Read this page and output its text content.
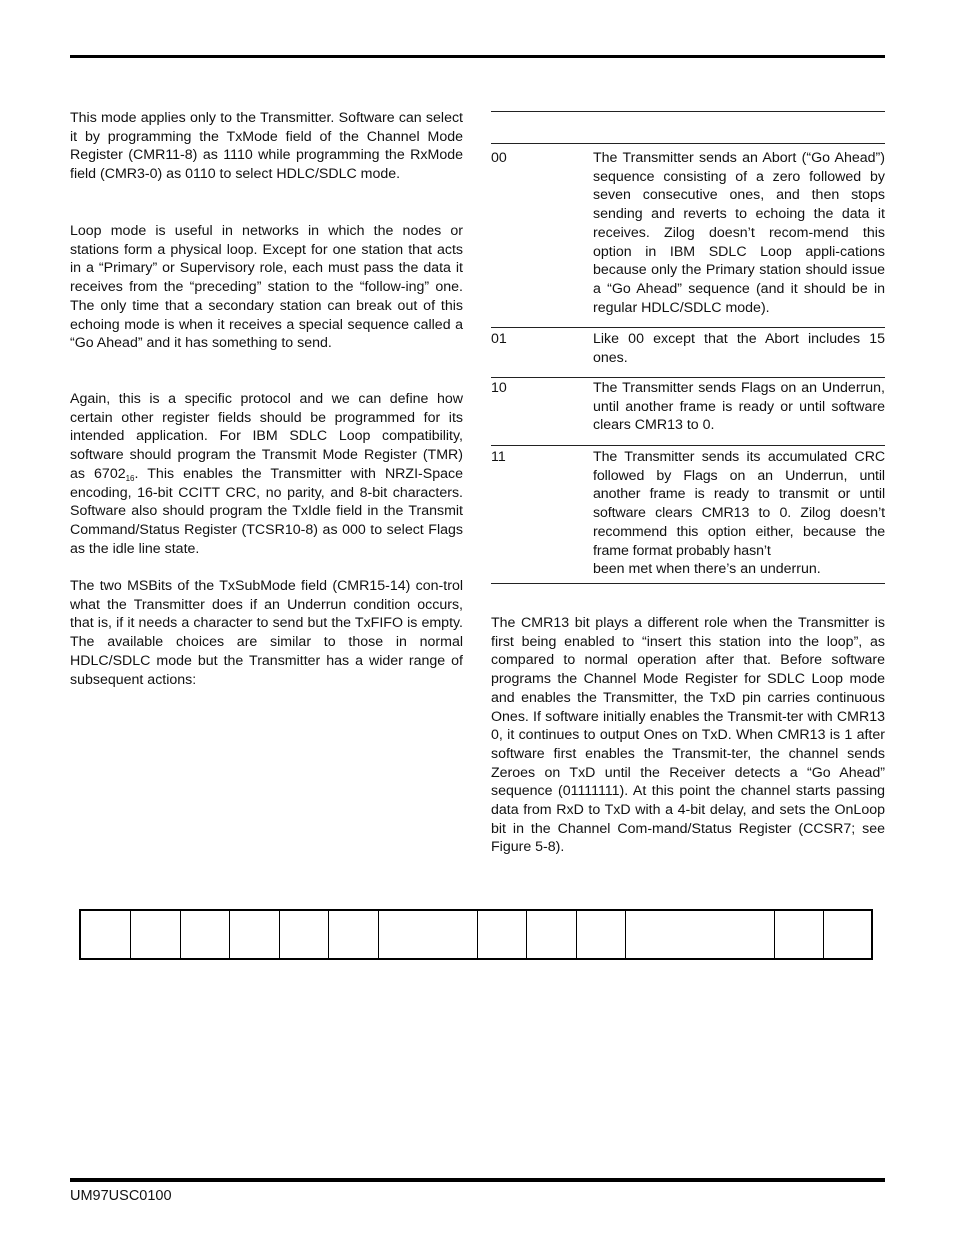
This mode applies only to the Transmitter. Software can select it by programming the TxMode field of the Channel Mode Register (CMR11-8) as 1110 while programming the RxMode field (CMR3-0) as 0110 to select HDLC/SDLC mode.

Loop mode is useful in networks in which the nodes or stations form a physical loop. Except for one station that acts in a “Primary” or Supervisory role, each must pass the data it receives from the “preceding” station to the “follow-ing” one. The only time that a secondary station can break out of this echoing mode is when it receives a special sequence called a “Go Ahead” and it has something to send.

Again, this is a specific protocol and we can define how certain other register fields should be programmed for its intended application. For IBM SDLC Loop compatibility, software should program the Transmit Mode Register (TMR) as $6702_{16}$. This enables the Transmitter with NRZI-Space encoding, 16-bit CCITT CRC, no parity, and 8-bit characters. Software also should program the TxIdle field in the Transmit Command/Status Register (TCSR10-8) as 000 to select Flags as the idle line state.

The two MSBits of the TxSubMode field (CMR15-14) con-trol what the Transmitter does if an Underrun condition occurs, that is, if it needs a character to send but the TxFIFO is empty. The available choices are similar to those in normal HDLC/SDLC mode but the Transmitter has a wider range of subsequent actions:

00	The Transmitter sends an Abort (“Go Ahead”) sequence consisting of a zero followed by seven consecutive ones, and then stops sending and reverts to echoing the data it receives. Zilog doesn’t recom-mend this option in IBM SDLC Loop appli-cations because only the Primary station should issue a “Go Ahead” sequence (and it should be in regular HDLC/SDLC mode).
01	Like 00 except that the Abort includes 15 ones.
10	The Transmitter sends Flags on an Underrun, until another frame is ready or until software clears CMR13 to 0.
11	The Transmitter sends its accumulated CRC followed by Flags on an Underrun, until another frame is ready to transmit or until software clears CMR13 to 0. Zilog doesn’t recommend this option either, because the frame format probably hasn’t
been met when there’s an underrun.

The CMR13 bit plays a different role when the Transmitter is first being enabled to “insert this station into the loop”, as compared to normal operation after that. Before software programs the Channel Mode Register for SDLC Loop mode and enables the Transmitter, the TxD pin carries continuous Ones. If software initially enables the Transmit-ter with CMR13 0, it continues to output Ones on TxD. When CMR13 is 1 after software first enables the Transmit-ter, the channel sends Zeroes on TxD until the Receiver detects a “Go Ahead” sequence (01111111). At this point the channel starts passing data from RxD to TxD with a 4-bit delay, and sets the OnLoop bit in the Channel Com-mand/Status Register (CCSR7; see Figure 5-8).

UM97USC0100
